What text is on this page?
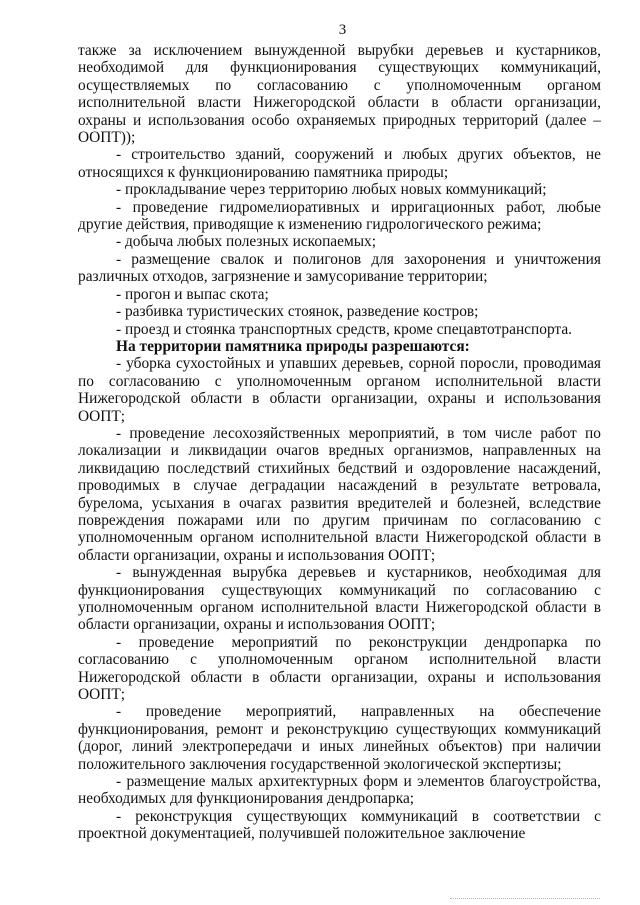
3

также за исключением вынужденной вырубки деревьев и кустарников, необходимой для функционирования существующих коммуникаций, осуществляемых по согласованию с уполномоченным органом исполнительной власти Нижегородской области в области организации, охраны и использования особо охраняемых природных территорий (далее – ООПТ));

- строительство зданий, сооружений и любых других объектов, не относящихся к функционированию памятника природы;

- прокладывание через территорию любых новых коммуникаций;

- проведение гидромелиоративных и ирригационных работ, любые другие действия, приводящие к изменению гидрологического режима;

- добыча любых полезных ископаемых;

- размещение свалок и полигонов для захоронения и уничтожения различных отходов, загрязнение и замусоривание территории;

- прогон и выпас скота;

- разбивка туристических стоянок, разведение костров;

- проезд и стоянка транспортных средств, кроме спецавтотранспорта.

На территории памятника природы разрешаются:

- уборка сухостойных и упавших деревьев, сорной поросли, проводимая по согласованию с уполномоченным органом исполнительной власти Нижегородской области в области организации, охраны и использования ООПТ;

- проведение лесохозяйственных мероприятий, в том числе работ по локализации и ликвидации очагов вредных организмов, направленных на ликвидацию последствий стихийных бедствий и оздоровление насаждений, проводимых в случае деградации насаждений в результате ветровала, бурелома, усыхания в очагах развития вредителей и болезней, вследствие повреждения пожарами или по другим причинам по согласованию с уполномоченным органом исполнительной власти Нижегородской области в области организации, охраны и использования ООПТ;

- вынужденная вырубка деревьев и кустарников, необходимая для функционирования существующих коммуникаций по согласованию с уполномоченным органом исполнительной власти Нижегородской области в области организации, охраны и использования ООПТ;

- проведение мероприятий по реконструкции дендропарка по согласованию с уполномоченным органом исполнительной власти Нижегородской области в области организации, охраны и использования ООПТ;

- проведение мероприятий, направленных на обеспечение функционирования, ремонт и реконструкцию существующих коммуникаций (дорог, линий электропередачи и иных линейных объектов) при наличии положительного заключения государственной экологической экспертизы;

- размещение малых архитектурных форм и элементов благоустройства, необходимых для функционирования дендропарка;

- реконструкция существующих коммуникаций в соответствии с проектной документацией, получившей положительное заключение
